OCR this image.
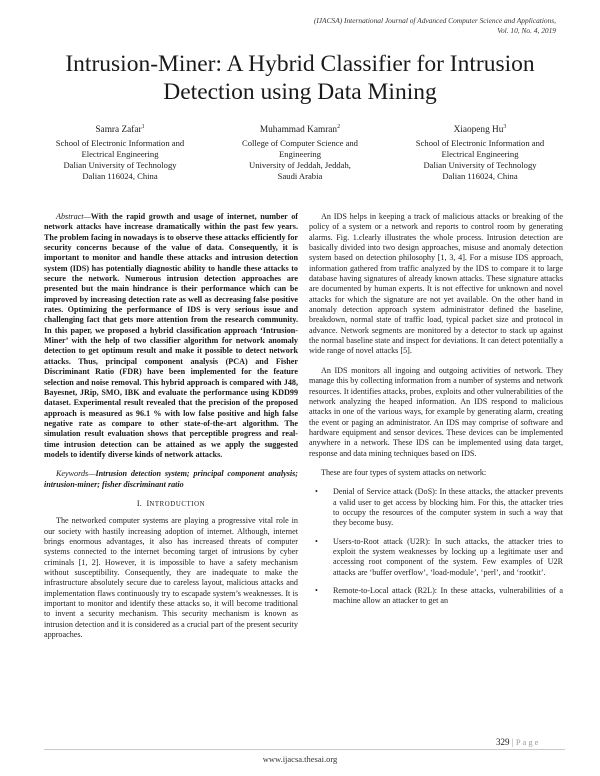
(IJACSA) International Journal of Advanced Computer Science and Applications,
Vol. 10, No. 4, 2019
Intrusion-Miner: A Hybrid Classifier for Intrusion
Detection using Data Mining
Samra Zafar$^1$
School of Electronic Information and
Electrical Engineering
Dalian University of Technology
Dalian 116024, China
Muhammad Kamran$^2$
College of Computer Science and
Engineering
University of Jeddah, Jeddah,
Saudi Arabia
Xiaopeng Hu$^3$
School of Electronic Information and
Electrical Engineering
Dalian University of Technology
Dalian 116024, China

Abstract—With the rapid growth and usage of internet, number of network attacks have increase dramatically within the past few years. The problem facing in nowadays is to observe these attacks efficiently for security concerns because of the value of data. Consequently, it is important to monitor and handle these attacks and intrusion detection system (IDS) has potentially diagnostic ability to handle these attacks to secure the network. Numerous intrusion detection approaches are presented but the main hindrance is their performance which can be improved by increasing detection rate as well as decreasing false positive rates. Optimizing the performance of IDS is very serious issue and challenging fact that gets more attention from the research community. In this paper, we proposed a hybrid classification approach ‘Intrusion-Miner’ with the help of two classifier algorithm for network anomaly detection to get optimum result and make it possible to detect network attacks. Thus, principal component analysis (PCA) and Fisher Discriminant Ratio (FDR) have been implemented for the feature selection and noise removal. This hybrid approach is compared with J48, Bayesnet, JRip, SMO, IBK and evaluate the performance using KDD99 dataset. Experimental result revealed that the precision of the proposed approach is measured as 96.1 % with low false positive and high false negative rate as compare to other state-of-the-art algorithm. The simulation result evaluation shows that perceptible progress and real-time intrusion detection can be attained as we apply the suggested models to identify diverse kinds of network attacks.

Keywords—Intrusion detection system; principal component analysis; intrusion-miner; fisher discriminant ratio

I. INTRODUCTION

The networked computer systems are playing a progressive vital role in our society with hastily increasing adoption of internet. Although, internet brings enormous advantages, it also has increased threats of computer systems connected to the internet becoming target of intrusions by cyber criminals [1, 2]. However, it is impossible to have a safety mechanism without susceptibility. Consequently, they are inadequate to make the infrastructure absolutely secure due to careless layout, malicious attacks and implementation flaws continuously try to escapade system’s weaknesses. It is important to monitor and identify these attacks so, it will become traditional to invent a security mechanism. This security mechanism is known as intrusion detection and it is considered as a crucial part of the present security approaches.

An IDS helps in keeping a track of malicious attacks or breaking of the policy of a system or a network and reports to control room by generating alarms. Fig. 1.clearly illustrates the whole process. Intrusion detection are basically divided into two design approaches, misuse and anomaly detection system based on detection philosophy [1, 3, 4]. For a misuse IDS approach, information gathered from traffic analyzed by the IDS to compare it to large database having signatures of already known attacks. These signature attacks are documented by human experts. It is not effective for unknown and novel attacks for which the signature are not yet available. On the other hand in anomaly detection approach system administrator defined the baseline, breakdown, normal state of traffic load, typical packet size and protocol in advance. Network segments are monitored by a detector to stack up against the normal baseline state and inspect for deviations. It can detect potentially a wide range of novel attacks [5].

An IDS monitors all ingoing and outgoing activities of network. They manage this by collecting information from a number of systems and network resources. It identifies attacks, probes, exploits and other vulnerabilities of the network analyzing the heaped information. An IDS respond to malicious attacks in one of the various ways, for example by generating alarm, creating the event or paging an administrator. An IDS may comprise of software and hardware equipment and sensor devices. These devices can be implemented anywhere in a network. These IDS can be implemented using data target, response and data mining techniques based on IDS.

These are four types of system attacks on network:

• Denial of Service attack (DoS): In these attacks, the attacker prevents a valid user to get access by blocking him. For this, the attacker tries to occupy the resources of the computer system in such a way that they become busy.
• Users-to-Root attack (U2R): In such attacks, the attacker tries to exploit the system weaknesses by locking up a legitimate user and accessing root component of the system. Few examples of U2R attacks are ‘buffer overflow’, ‘load-module’, ‘perl’, and ‘rootkit’.
• Remote-to-Local attack (R2L): In these attacks, vulnerabilities of a machine allow an attacker to get an
329 | Page
www.ijacsa.thesai.org
